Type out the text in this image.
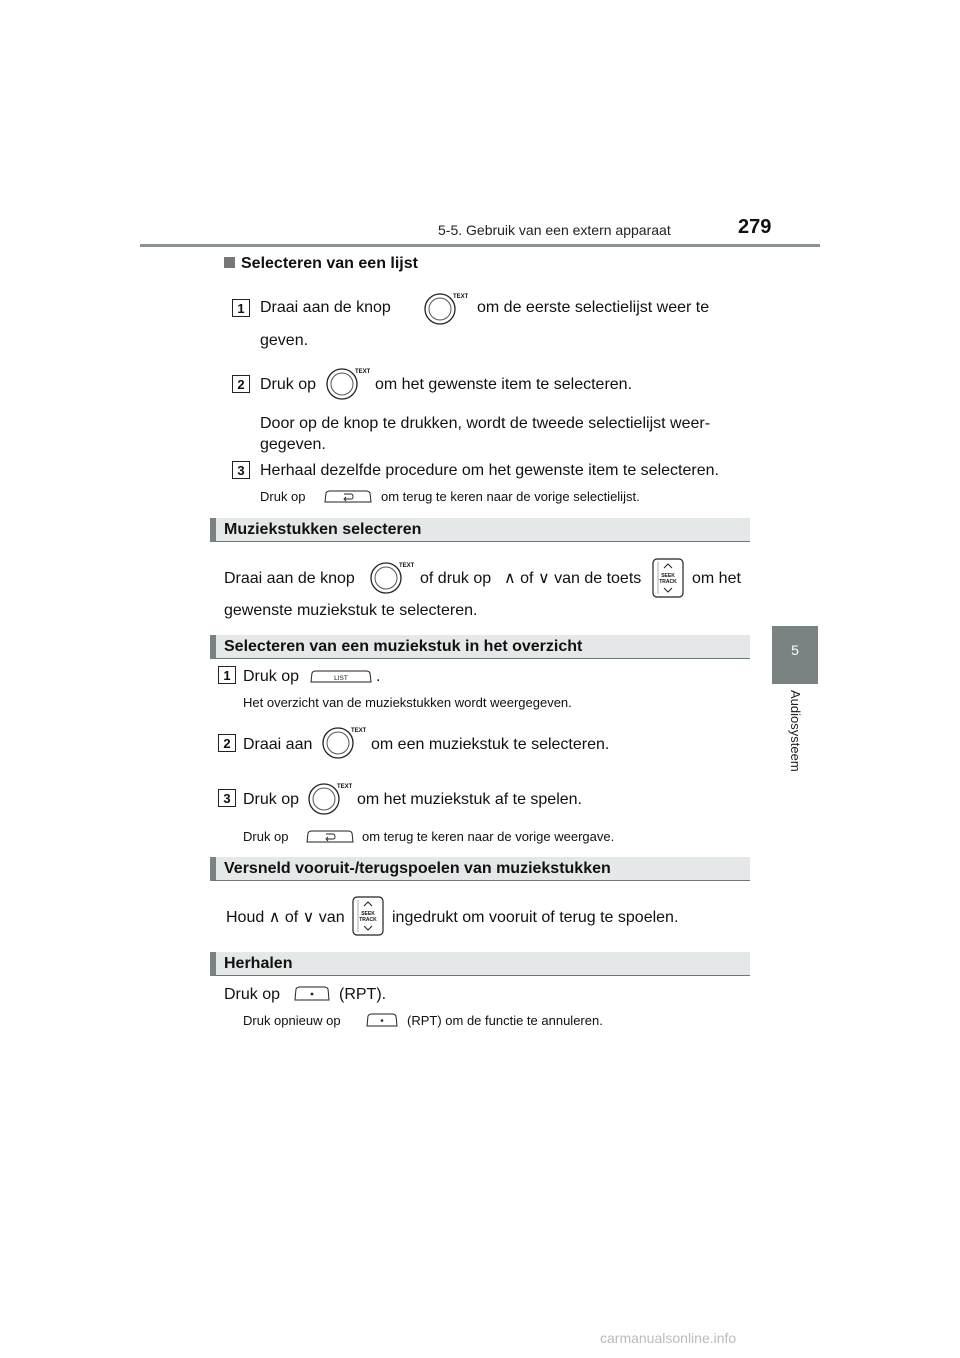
5-5. Gebruik van een extern apparaat	279
5
Audiosysteem
Selecteren van een lijst
1 Draai aan de knop
TEXT
om de eerste selectielijst weer te
geven.
2 Druk op
TEXT
om het gewenste item te selecteren.
Door op de knop te drukken, wordt de tweede selectielijst weer-
gegeven.
3 Herhaal dezelfde procedure om het gewenste item te selecteren.
Druk op	om terug te keren naar de vorige selectielijst.
Muziekstukken selecteren
Draai aan de knop
TEXT
of druk op ∧ of ∨ van de toets	SEEK
TRACK om het
gewenste muziekstuk te selecteren.
Selecteren van een muziekstuk in het overzicht
1 Druk op	LIST .
Het overzicht van de muziekstukken wordt weergegeven.
2 Draai aan
TEXT
om een muziekstuk te selecteren.
3 Druk op
TEXT
om het muziekstuk af te spelen.
Druk op	om terug te keren naar de vorige weergave.
Versneld vooruit-/terugspoelen van muziekstukken
Houd ∧ of ∨ van	SEEK
TRACK ingedrukt om vooruit of terug te spoelen.
Herhalen
Druk op	(RPT).
Druk opnieuw op	(RPT) om de functie te annuleren.
carmanualsonline.info
